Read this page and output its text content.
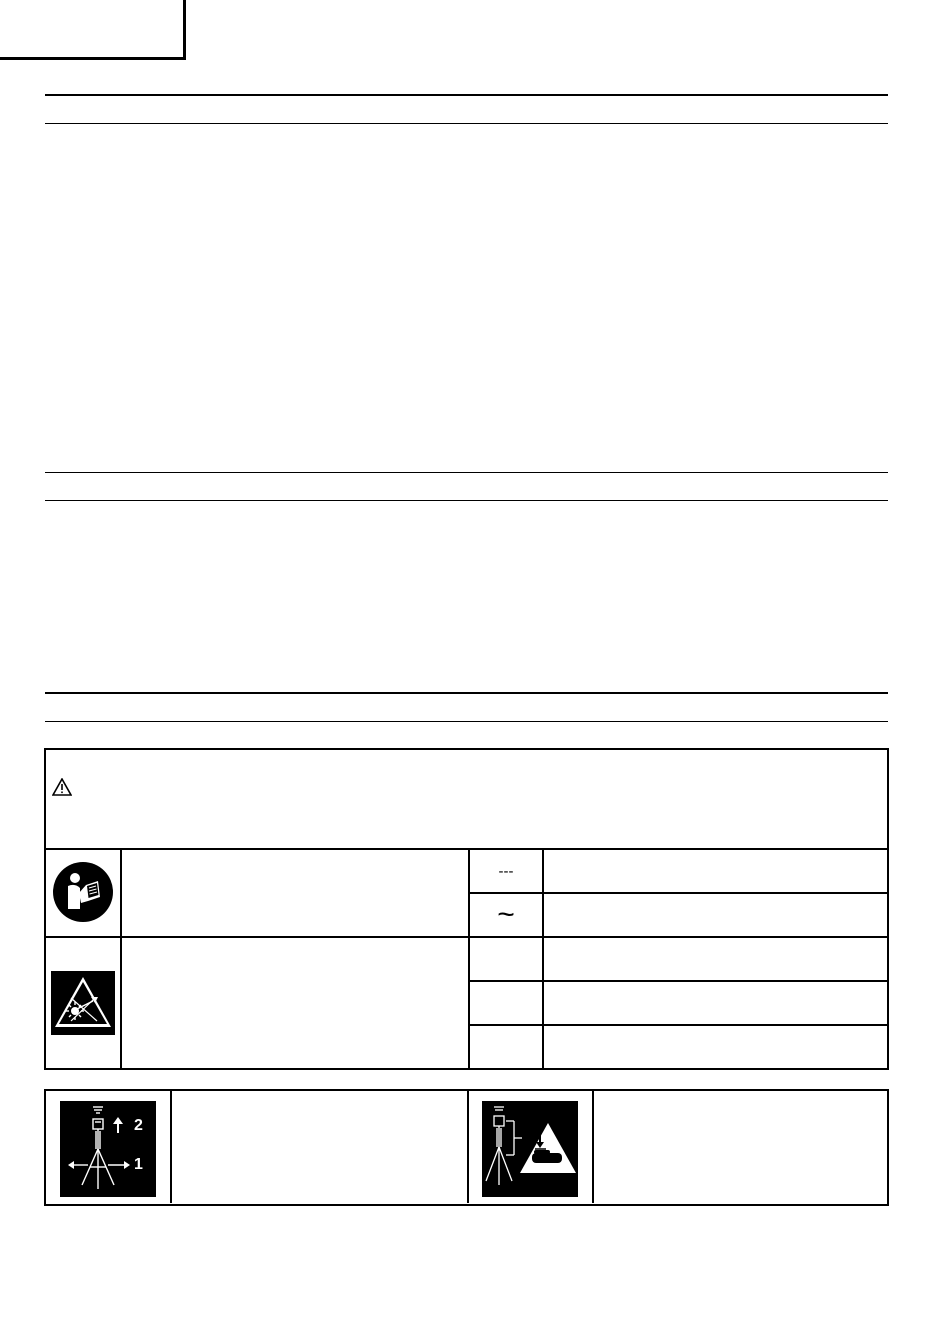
---
~
2
1
